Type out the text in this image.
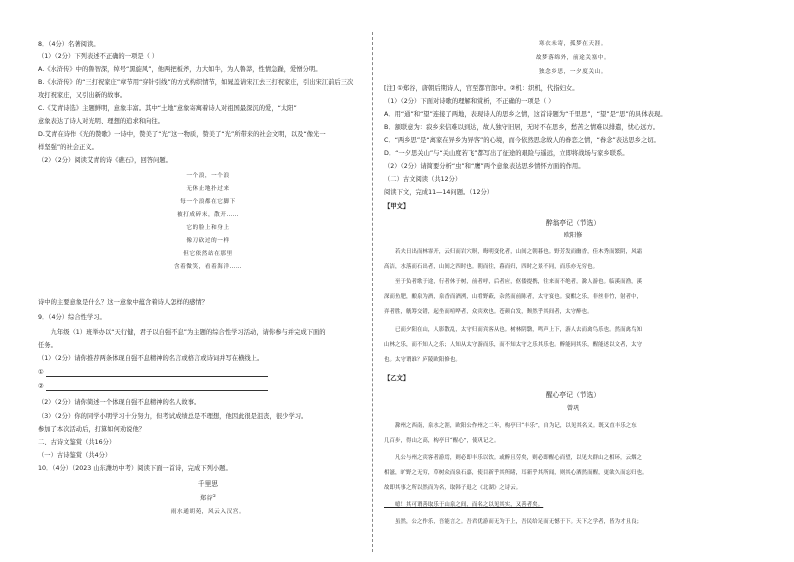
8．（4分）名著阅读。
（1）（2分）下列表述不正确的一项是（ ）
A.《水浒传》中的鲁智深，绰号“黑旋风”，他两把板斧，力大如牛，为人鲁莽，性情急躁，爱憎分明。
B.《水浒传》的“三打祝家庄”章节用“穿针引线”的方式构织情节，如晁盖请宋江去三打祝家庄，引出宋江前后三次
攻打祝家庄，又引出新的故事。
C.《艾青诗选》主题鲜明，意象丰富。其中“土地”意象寄寓着诗人对祖国最深沉的爱，“太阳”
意象表达了诗人对光明、理想的追求和向往。
D.艾青在诗作《光的赞歌》一诗中，赞美了“光”这一物质，赞美了“光”所带来的社会文明，以及“像光一
样坚强”的社会正义。
（2）（2分）阅读艾青的诗《礁石》，回答问题。
一个浪，一个浪
无休止地扑过来
每一个浪都在它脚下
被打成碎末，散开……
它的脸上和身上
像刀砍过的一样
但它依然站在那里
含着微笑，看着海洋……
诗中的主要意象是什么？这一意象中蕴含着诗人怎样的感情？
9．（4分）综合性学习。
　　九年级（1）班举办以“天行健，君子以自强不息”为主题的综合性学习活动，请你参与并完成下面的
任务。
（1）（2分）请你推荐两条体现自强不息精神的名言或格言或诗词并写在横线上。
①
②
（2）（2分）请你简述一个体现自强不息精神的名人故事。
（3）（2分）你的同学小明学习十分努力，但考试成绩总是不理想，他因此很是沮丧，很少学习。
参加了本次活动后，打算如何劝说他？
二、古诗文鉴赏（共16分）
（一）古诗鉴赏（共4分）
10．（4分）（2023 山东潍坊中考）阅读下面一首诗，完成下列小题。
千里思
郑谷①
雨水通胡苑，风云入汉宫。
寒衣未寄，孤梦在天涯。
故梦落绵外，前途关塞中。
独念乡思，一夕度关山。
[注] ①郑谷，唐朝后期诗人，官至都官郎中。②机：织机，代指妇女。
（1）（2分）下面对诗歌的理解和赏析，不正确的一项是（ ）
A．用“通”和“望”连接了两地，表现诗人的思乡之情，这首诗题为“千里思”，“望”是“思”的具体表现。
B．颔联意为：寂乡来信难以到达，故人独守旧居，无时不在思乡，愁苦之情难以排遣，忧心远方。
C．“两乡思”是“离家在异乡为异客”的心境，而今依然思念故人的眷恋之情，“眷念”表达思乡之切。
D．“一夕思关山”与“关山度若飞”都写出了征途的艰险与遥远，立即将战场与家乡联系。
（2）（2分）请简要分析“虫”和“鹰”两个意象表达思乡情怀方面的作用。
（二）古文阅读（共12分）
阅读下文，完成11—14问题。（12分）
【甲文】
醉翁亭记（节选）
欧阳修
　　若夫日出而林霏开，云归而岩穴暝，晦明变化者，山间之朝暮也。野芳发而幽香，佳木秀而繁阴，风霜
高洁，水落而石出者，山间之四时也。朝而往，暮而归，四时之景不同，而乐亦无穷也。
　　至于负者歌于途，行者休于树，前者呼，后者应，伛偻提携，往来而不绝者，滁人游也。临溪而渔，溪
深而鱼肥，酿泉为酒，泉香而酒洌，山肴野蔌，杂然而前陈者，太守宴也。宴酣之乐，非丝非竹，射者中，
弈者胜，觥筹交错，起坐而喧哗者，众宾欢也。苍颜白发，颓然乎其间者，太守醉也。
　　已而夕阳在山，人影散乱，太守归而宾客从也。树林阴翳，鸣声上下，游人去而禽鸟乐也。然而禽鸟知
山林之乐，而不知人之乐；人知从太守游而乐，而不知太守之乐其乐也。醉能同其乐，醒能述以文者，太守
也。太守谓谁？庐陵欧阳修也。
【乙文】
醒心亭记（节选）
曾巩
　　滁州之西南，泉水之涯，欧阳公作州之二年，构亭曰“丰乐”，自为记，以见其名义。既又直丰乐之东
几百步，得山之高，构亭曰“醒心”，使巩记之。
　　凡公与州之宾客者游焉，则必即丰乐以饮。或醉且劳矣，则必即醒心而望，以见夫群山之相环，云烟之
相滋，旷野之无穷，草树众而泉石嘉，使目新乎其所睹，耳新乎其所闻，则其心洒然而醒，更欲久而忘归也。
故即其事之所以然而为名，取韩子退之《北湖》之诗云。
　　噫！其可谓善取乐于山泉之间，而名之以见其实，又善者矣。
　　虽然，公之作乐，吾能言之。吾君优游而无为于上，吾民给足而无憾于下。天下之学者，皆为才且良；
